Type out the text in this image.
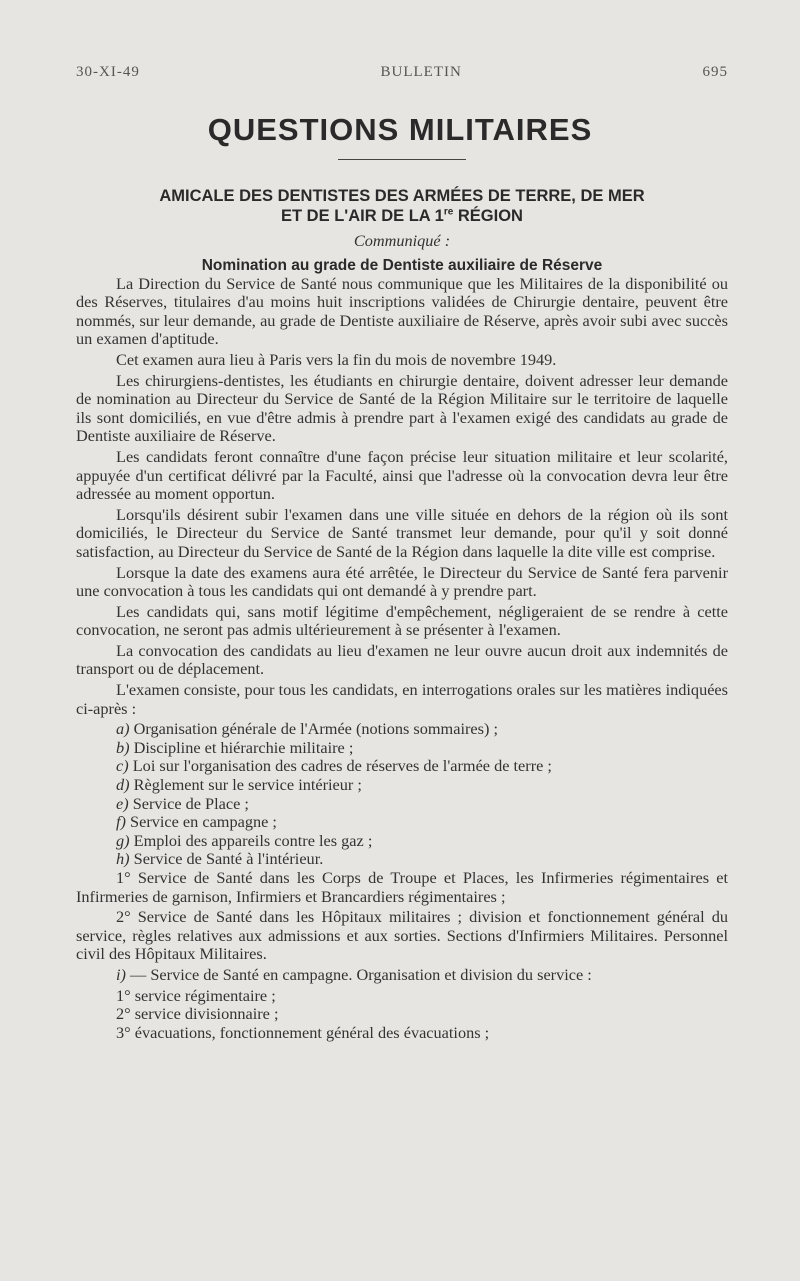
30-XI-49	BULLETIN	695
QUESTIONS MILITAIRES
AMICALE DES DENTISTES DES ARMÉES DE TERRE, DE MER
ET DE L'AIR DE LA 1re RÉGION
Communiqué :
Nomination au grade de Dentiste auxiliaire de Réserve

La Direction du Service de Santé nous communique que les Militaires de la disponibilité ou des Réserves, titulaires d'au moins huit inscriptions validées de Chirurgie dentaire, peuvent être nommés, sur leur demande, au grade de Dentiste auxiliaire de Réserve, après avoir subi avec succès un examen d'aptitude.

Cet examen aura lieu à Paris vers la fin du mois de novembre 1949.

Les chirurgiens-dentistes, les étudiants en chirurgie dentaire, doivent adresser leur demande de nomination au Directeur du Service de Santé de la Région Militaire sur le territoire de laquelle ils sont domiciliés, en vue d'être admis à prendre part à l'examen exigé des candidats au grade de Dentiste auxiliaire de Réserve.

Les candidats feront connaître d'une façon précise leur situation militaire et leur scolarité, appuyée d'un certificat délivré par la Faculté, ainsi que l'adresse où la convocation devra leur être adressée au moment opportun.

Lorsqu'ils désirent subir l'examen dans une ville située en dehors de la région où ils sont domiciliés, le Directeur du Service de Santé transmet leur demande, pour qu'il y soit donné satisfaction, au Directeur du Service de Santé de la Région dans laquelle la dite ville est comprise.

Lorsque la date des examens aura été arrêtée, le Directeur du Service de Santé fera parvenir une convocation à tous les candidats qui ont demandé à y prendre part.

Les candidats qui, sans motif légitime d'empêchement, négligeraient de se rendre à cette convocation, ne seront pas admis ultérieurement à se présenter à l'examen.

La convocation des candidats au lieu d'examen ne leur ouvre aucun droit aux indemnités de transport ou de déplacement.

L'examen consiste, pour tous les candidats, en interrogations orales sur les matières indiquées ci-après :

a) Organisation générale de l'Armée (notions sommaires) ;
b) Discipline et hiérarchie militaire ;
c) Loi sur l'organisation des cadres de réserves de l'armée de terre ;
d) Règlement sur le service intérieur ;
e) Service de Place ;
f) Service en campagne ;
g) Emploi des appareils contre les gaz ;
h) Service de Santé à l'intérieur.

1° Service de Santé dans les Corps de Troupe et Places, les Infirmeries régimentaires et Infirmeries de garnison, Infirmiers et Brancardiers régimentaires ;

2° Service de Santé dans les Hôpitaux militaires ; division et fonctionnement général du service, règles relatives aux admissions et aux sorties. Sections d'Infirmiers Militaires. Personnel civil des Hôpitaux Militaires.

i) — Service de Santé en campagne. Organisation et division du service :

1° service régimentaire ;
2° service divisionnaire ;
3° évacuations, fonctionnement général des évacuations ;
